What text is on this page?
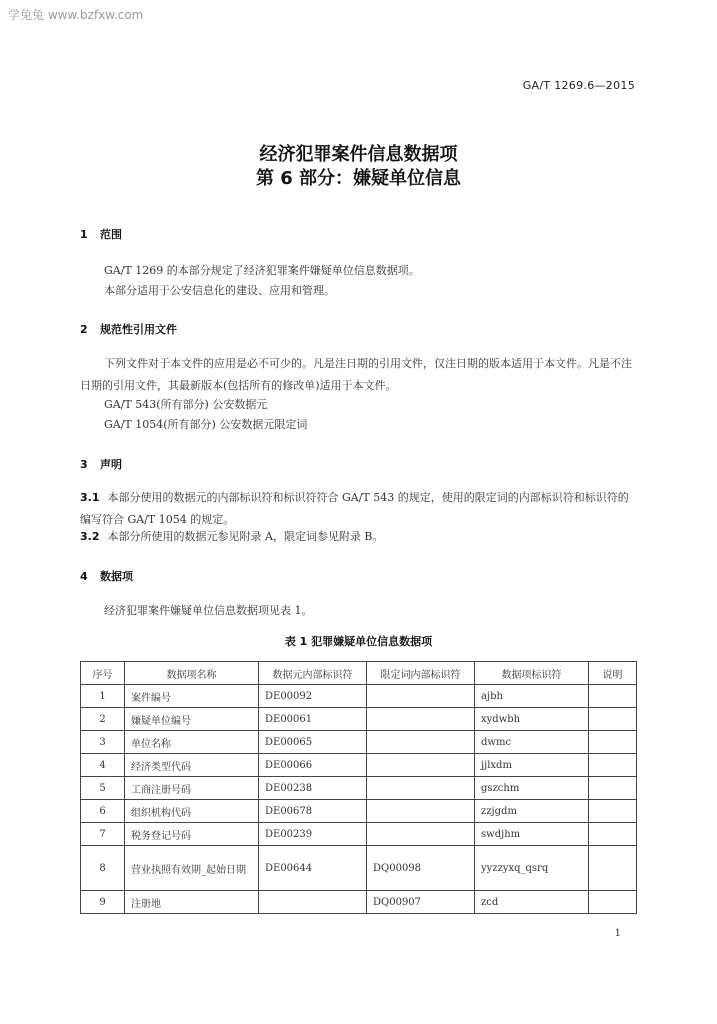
学兔兔 www.bzfxw.com
GA/T 1269.6—2015
经济犯罪案件信息数据项
第 6 部分：嫌疑单位信息
1 范围
GA/T 1269 的本部分规定了经济犯罪案件嫌疑单位信息数据项。
本部分适用于公安信息化的建设、应用和管理。
2 规范性引用文件
下列文件对于本文件的应用是必不可少的。凡是注日期的引用文件，仅注日期的版本适用于本文件。凡是不注日期的引用文件，其最新版本(包括所有的修改单)适用于本文件。
GA/T 543(所有部分) 公安数据元
GA/T 1054(所有部分) 公安数据元限定词
3 声明
3.1 本部分使用的数据元的内部标识符和标识符符合 GA/T 543 的规定，使用的限定词的内部标识符和标识符的编写符合 GA/T 1054 的规定。
3.2 本部分所使用的数据元参见附录 A，限定词参见附录 B。
4 数据项
经济犯罪案件嫌疑单位信息数据项见表 1。
表 1 犯罪嫌疑单位信息数据项
序号	数据项名称	数据元内部标识符	限定词内部标识符	数据项标识符	说明
1	案件编号	DE00092		ajbh	
2	嫌疑单位编号	DE00061		xydwbh	
3	单位名称	DE00065		dwmc	
4	经济类型代码	DE00066		jjlxdm	
5	工商注册号码	DE00238		gszchm	
6	组织机构代码	DE00678		zzjgdm	
7	税务登记号码	DE00239		swdjhm	
8	营业执照有效期_起始日期	DE00644	DQ00098	yyzzyxq_qsrq	
9	注册地		DQ00907	zcd	
1
